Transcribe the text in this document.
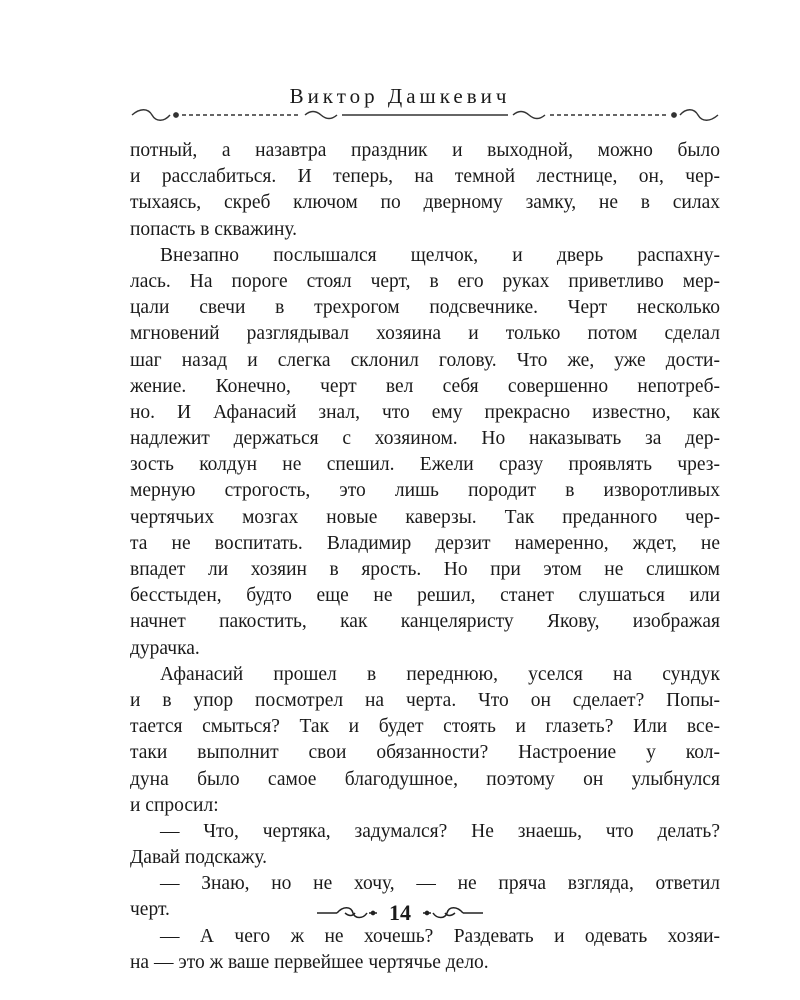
Виктор Дашкевич
потный, а назавтра праздник и выходной, можно было
и расслабиться. И теперь, на темной лестнице, он, чер-
тыхаясь, скреб ключом по дверному замку, не в силах
попасть в скважину.
Внезапно послышался щелчок, и дверь распахну-
лась. На пороге стоял черт, в его руках приветливо мер-
цали свечи в трехрогом подсвечнике. Черт несколько
мгновений разглядывал хозяина и только потом сделал
шаг назад и слегка склонил голову. Что же, уже дости-
жение. Конечно, черт вел себя совершенно непотреб-
но. И Афанасий знал, что ему прекрасно известно, как
надлежит держаться с хозяином. Но наказывать за дер-
зость колдун не спешил. Ежели сразу проявлять чрез-
мерную строгость, это лишь породит в изворотливых
чертячьих мозгах новые каверзы. Так преданного чер-
та не воспитать. Владимир дерзит намеренно, ждет, не
впадет ли хозяин в ярость. Но при этом не слишком
бесстыден, будто еще не решил, станет слушаться или
начнет пакостить, как канцеляристу Якову, изображая
дурачка.
Афанасий прошел в переднюю, уселся на сундук
и в упор посмотрел на черта. Что он сделает? Попы-
тается смыться? Так и будет стоять и глазеть? Или все-
таки выполнит свои обязанности? Настроение у кол-
дуна было самое благодушное, поэтому он улыбнулся
и спросил:
— Что, чертяка, задумался? Не знаешь, что делать?
Давай подскажу.
— Знаю, но не хочу, — не пряча взгляда, ответил
черт.
— А чего ж не хочешь? Раздевать и одевать хозяи-
на — это ж ваше первейшее чертячье дело.
14
